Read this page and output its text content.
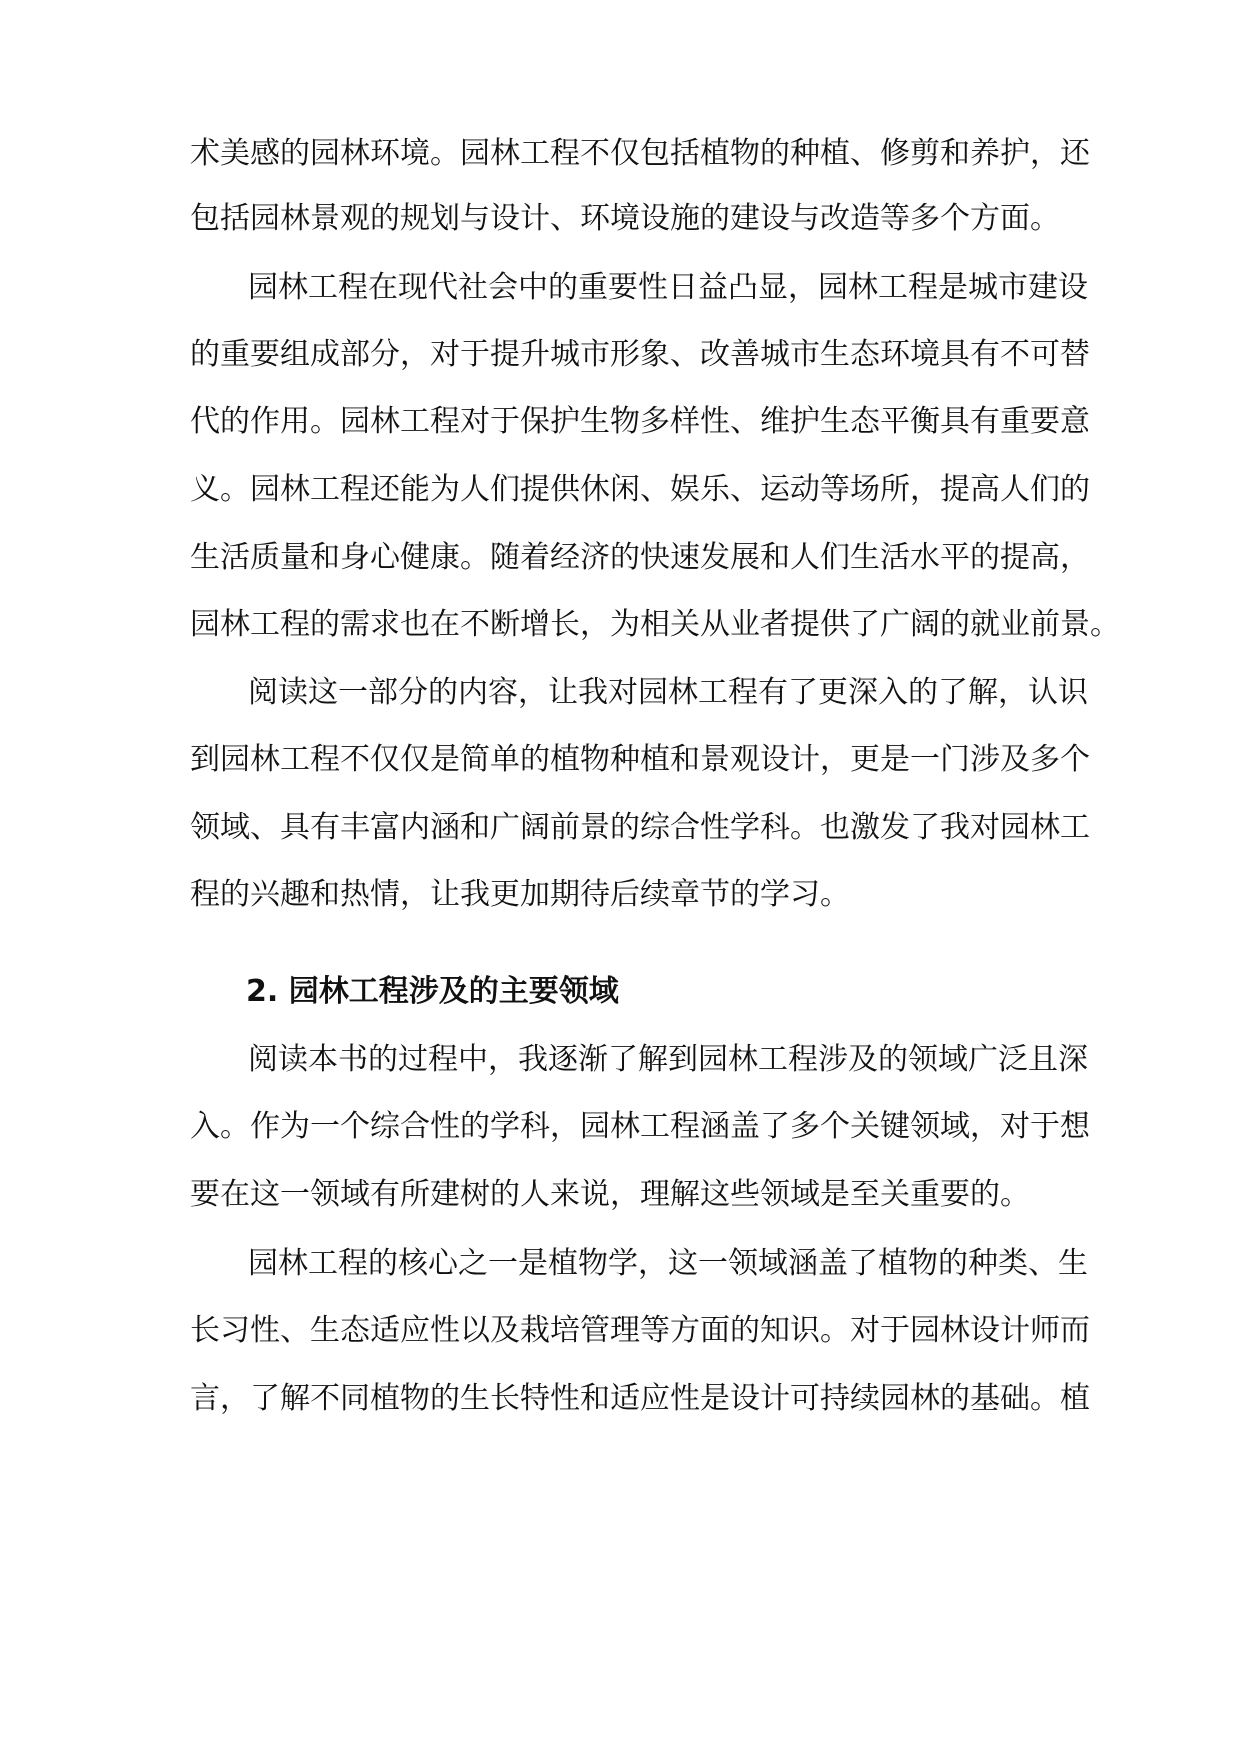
术美感的园林环境。园林工程不仅包括植物的种植、修剪和养护，还
包括园林景观的规划与设计、环境设施的建设与改造等多个方面。
园林工程在现代社会中的重要性日益凸显，园林工程是城市建设
的重要组成部分，对于提升城市形象、改善城市生态环境具有不可替
代的作用。园林工程对于保护生物多样性、维护生态平衡具有重要意
义。园林工程还能为人们提供休闲、娱乐、运动等场所，提高人们的
生活质量和身心健康。随着经济的快速发展和人们生活水平的提高，
园林工程的需求也在不断增长，为相关从业者提供了广阔的就业前景。
阅读这一部分的内容，让我对园林工程有了更深入的了解，认识
到园林工程不仅仅是简单的植物种植和景观设计，更是一门涉及多个
领域、具有丰富内涵和广阔前景的综合性学科。也激发了我对园林工
程的兴趣和热情，让我更加期待后续章节的学习。
2. 园林工程涉及的主要领域
阅读本书的过程中，我逐渐了解到园林工程涉及的领域广泛且深
入。作为一个综合性的学科，园林工程涵盖了多个关键领域，对于想
要在这一领域有所建树的人来说，理解这些领域是至关重要的。
园林工程的核心之一是植物学，这一领域涵盖了植物的种类、生
长习性、生态适应性以及栽培管理等方面的知识。对于园林设计师而
言，了解不同植物的生长特性和适应性是设计可持续园林的基础。植
